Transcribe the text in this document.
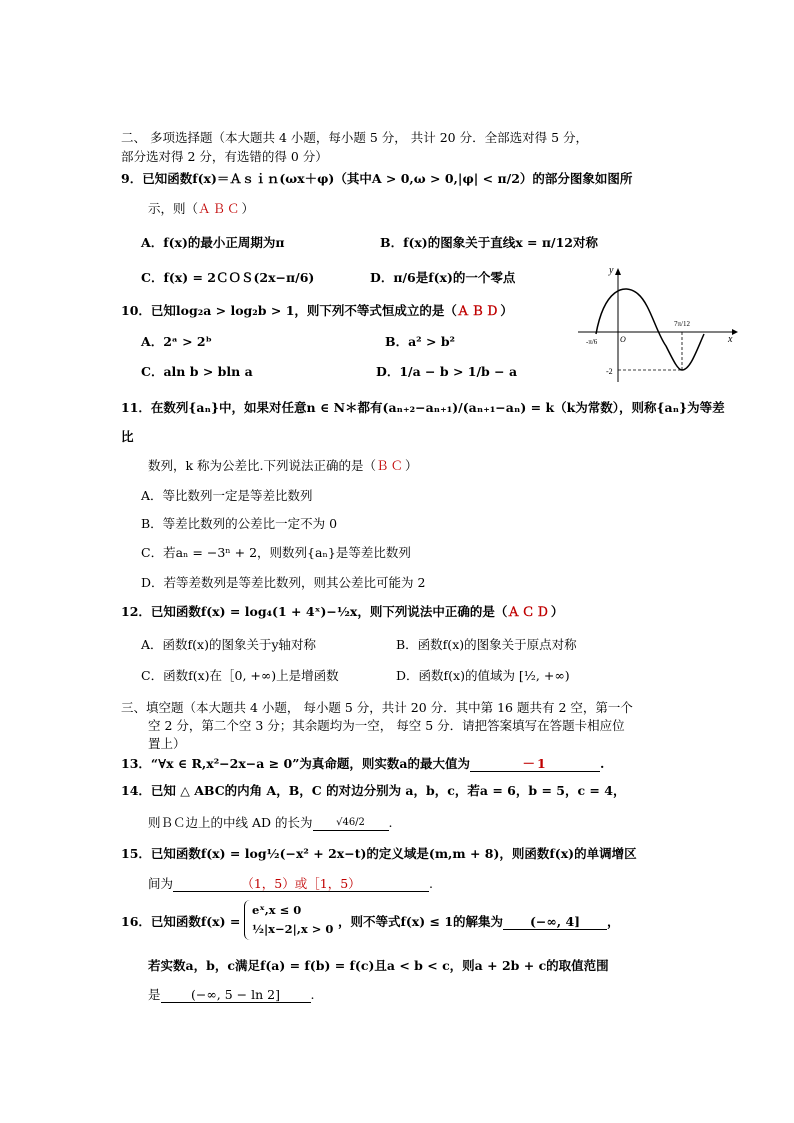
二、 多项选择题（本大题共 4 小题，每小题 5 分， 共计 20 分．全部选对得 5 分，
部分选对得 2 分，有选错的得 0 分）
9．已知函数f(x)＝Ａｓｉｎ(ωx＋φ)（其中A > 0,ω > 0,|φ| < π/2）的部分图象如图所
示，则（ＡＢＣ）
A．f(x)的最小正周期为π	B．f(x)的图象关于直线x = π/12对称
C．f(x) = 2ＣＯＳ(2x−π/6)	D．π/6是f(x)的一个零点	y
x
O
-π/6
7π/12
-2
10．已知log₂a > log₂b > 1，则下列不等式恒成立的是（ＡＢＤ）
A．2ᵃ > 2ᵇ	B．a² > b²
C．aln b > bln a	D．1/a − b > 1/b − a
11．在数列{aₙ}中，如果对任意n ∈ N＊都有(aₙ₊₂−aₙ₊₁)/(aₙ₊₁−aₙ) = k（k为常数），则称{aₙ}为等差
比
数列，k 称为公差比.下列说法正确的是（ＢＣ）
A．等比数列一定是等差比数列
B．等差比数列的公差比一定不为 0
C．若aₙ = −3ⁿ + 2，则数列{aₙ}是等差比数列
D．若等差数列是等差比数列，则其公差比可能为 2
12．已知函数f(x) = log₄(1 + 4ˣ)−½x，则下列说法中正确的是（ＡＣＤ）
A．函数f(x)的图象关于y轴对称	B．函数f(x)的图象关于原点对称
C．函数f(x)在［0, +∞)上是增函数	D．函数f(x)的值域为 [½, +∞)
三、填空题（本大题共 4 小题， 每小题 5 分，共计 20 分．其中第 16 题共有 2 空，第一个
空 2 分，第二个空 3 分；其余题均为一空， 每空 5 分．请把答案填写在答题卡相应位
置上）
13．“∀x ∈ R,x²−2x−a ≥ 0”为真命题，则实数a的最大值为	－1	.
14．已知 △ ABC的内角 A，B，C 的对边分别为 a，b，c，若a = 6，b = 5，c = 4，
则ＢＣ边上的中线 AD 的长为 √46/2 .
15．已知函数f(x) = log½(−x² + 2x−t)的定义域是(m,m + 8)，则函数f(x)的单调增区
间为	（1，5）或［1，5）	.
16．已知函数f(x) =
eˣ,x ≤ 0
½|x−2|,x > 0 ，则不等式f(x) ≤ 1的解集为 (−∞, 4] ，
若实数a，b，c满足f(a) = f(b) = f(c)且a < b < c，则a + 2b + c的取值范围
是 (−∞, 5 − ln 2] .
